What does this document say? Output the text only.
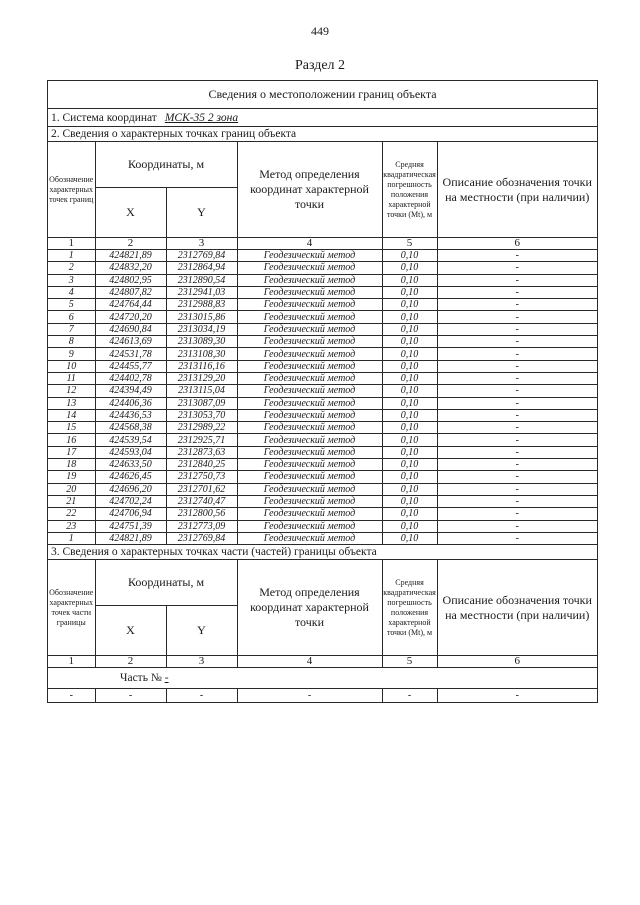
449
Раздел 2
Сведения о местоположении границ объекта
1. Система координат МСК-35 2 зона
2. Сведения о характерных точках границ объекта

Обозначение характерных точек границ	Координаты, м	Метод определения координат характерной точки	Средняя квадратическая погрешность положения характерной точки (Mt), м	Описание обозначения точки на местности (при наличии)
X	Y
1	2	3	4	5	6
1	424821,89	2312769,84	Геодезический метод	0,10	-
2	424832,20	2312864,94	Геодезический метод	0,10	-
3	424802,95	2312890,54	Геодезический метод	0,10	-
4	424807,82	2312941,03	Геодезический метод	0,10	-
5	424764,44	2312988,83	Геодезический метод	0,10	-
6	424720,20	2313015,86	Геодезический метод	0,10	-
7	424690,84	2313034,19	Геодезический метод	0,10	-
8	424613,69	2313089,30	Геодезический метод	0,10	-
9	424531,78	2313108,30	Геодезический метод	0,10	-
10	424455,77	2313116,16	Геодезический метод	0,10	-
11	424402,78	2313129,20	Геодезический метод	0,10	-
12	424394,49	2313115,04	Геодезический метод	0,10	-
13	424406,36	2313087,09	Геодезический метод	0,10	-
14	424436,53	2313053,70	Геодезический метод	0,10	-
15	424568,38	2312989,22	Геодезический метод	0,10	-
16	424539,54	2312925,71	Геодезический метод	0,10	-
17	424593,04	2312873,63	Геодезический метод	0,10	-
18	424633,50	2312840,25	Геодезический метод	0,10	-
19	424626,45	2312750,73	Геодезический метод	0,10	-
20	424696,20	2312701,62	Геодезический метод	0,10	-
21	424702,24	2312740,47	Геодезический метод	0,10	-
22	424706,94	2312800,56	Геодезический метод	0,10	-
23	424751,39	2312773,09	Геодезический метод	0,10	-
1	424821,89	2312769,84	Геодезический метод	0,10	-

3. Сведения о характерных точках части (частей) границы объекта

Обозначение характерных точек части границы	Координаты, м	Метод определения координат характерной точки	Средняя квадратическая погрешность положения характерной точки (Mt), м	Описание обозначения точки на местности (при наличии)
X	Y
1	2	3	4	5	6
Часть № -
-	-	-	-	-	-
